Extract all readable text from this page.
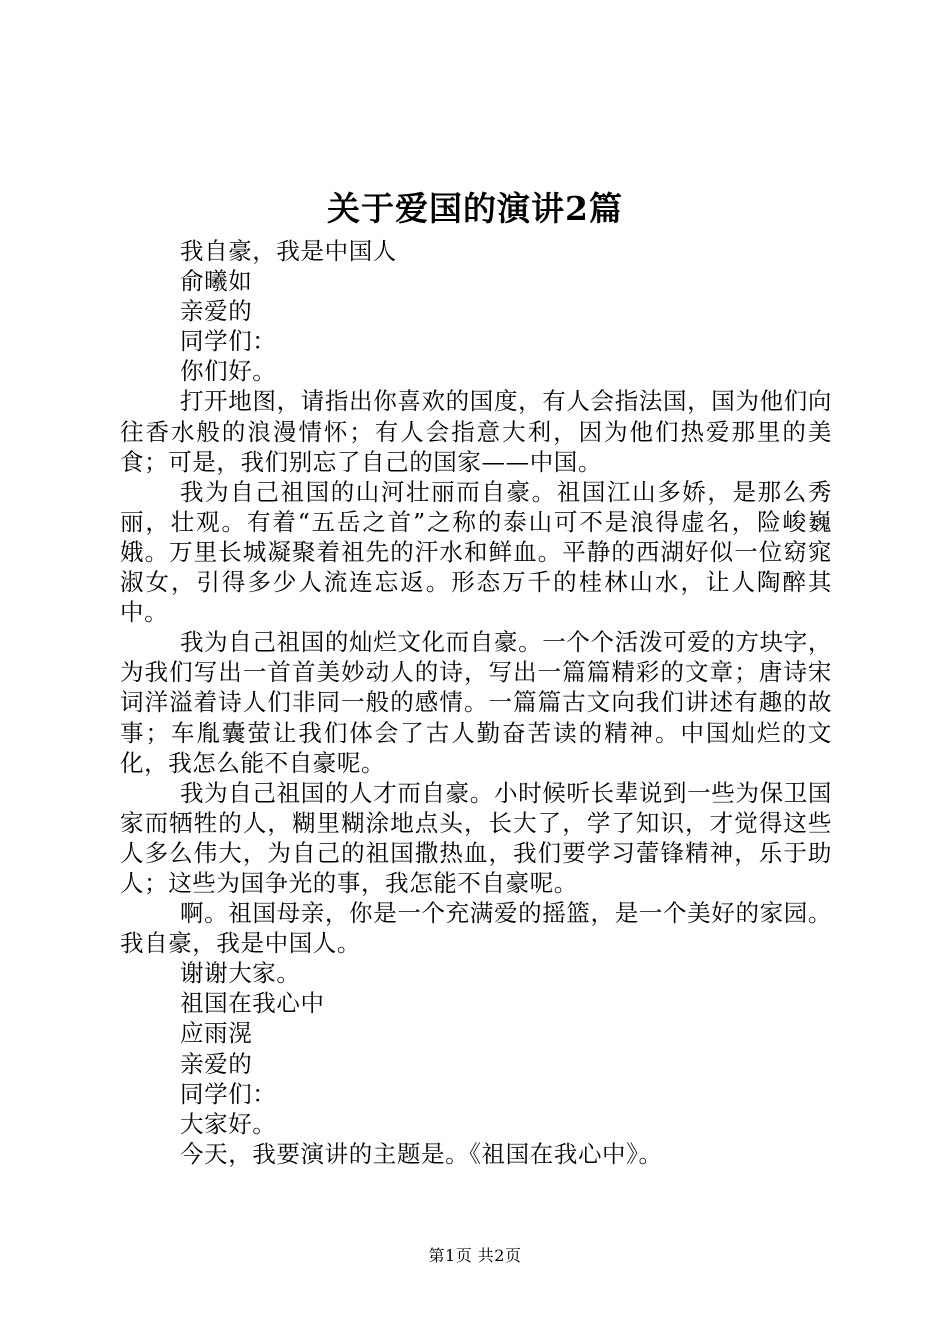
关于爱国的演讲2篇

我自豪，我是中国人

俞曦如

亲爱的

同学们：

你们好。

打开地图，请指出你喜欢的国度，有人会指法国，国为他们向往香水般的浪漫情怀；有人会指意大利，因为他们热爱那里的美食；可是，我们别忘了自己的国家——中国。

我为自己祖国的山河壮丽而自豪。祖国江山多娇，是那么秀丽，壮观。有着“五岳之首”之称的泰山可不是浪得虚名，险峻巍娥。万里长城凝聚着祖先的汗水和鲜血。平静的西湖好似一位窈窕淑女，引得多少人流连忘返。形态万千的桂林山水，让人陶醉其中。

我为自己祖国的灿烂文化而自豪。一个个活泼可爱的方块字，为我们写出一首首美妙动人的诗，写出一篇篇精彩的文章；唐诗宋词洋溢着诗人们非同一般的感情。一篇篇古文向我们讲述有趣的故事；车胤囊萤让我们体会了古人勤奋苦读的精神。中国灿烂的文化，我怎么能不自豪呢。

我为自己祖国的人才而自豪。小时候听长辈说到一些为保卫国家而牺牲的人，糊里糊涂地点头，长大了，学了知识，才觉得这些人多么伟大，为自己的祖国撒热血，我们要学习蕾锋精神，乐于助人；这些为国争光的事，我怎能不自豪呢。

啊。祖国母亲，你是一个充满爱的摇篮，是一个美好的家园。我自豪，我是中国人。

谢谢大家。

祖国在我心中

应雨滉

亲爱的

同学们：

大家好。

今天，我要演讲的主题是。《祖国在我心中》。

第1页 共2页
